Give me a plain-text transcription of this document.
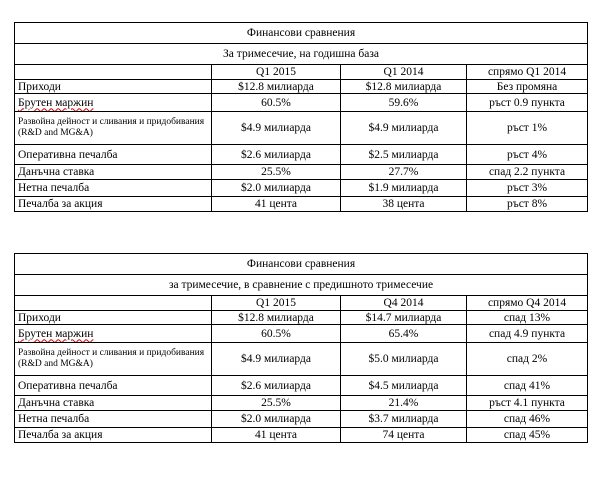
Финансови сравнения			
За тримесечие, на годишна база			
	Q1 2015	Q1 2014	спрямо Q1 2014
Приходи	$12.8 милиарда	$12.8 милиарда	Без промяна
Брутен маржин	60.5%	59.6%	ръст 0.9 пункта
Развойна дейност и сливания и придобивания (R&D and MG&A)	$4.9 милиарда	$4.9 милиарда	ръст 1%
Оперативна печалба	$2.6 милиарда	$2.5 милиарда	ръст 4%
Данъчна ставка	25.5%	27.7%	спад 2.2 пункта
Нетна печалба	$2.0 милиарда	$1.9 милиарда	ръст 3%
Печалба за акция	41 цента	38 цента	ръст 8%
Финансови сравнения			
за тримесечие, в сравнение с предишното тримесечие			
	Q1 2015	Q4 2014	спрямо Q4 2014
Приходи	$12.8 милиарда	$14.7 милиарда	спад 13%
Брутен маржин	60.5%	65.4%	спад 4.9 пункта
Развойна дейност и сливания и придобивания (R&D and MG&A)	$4.9 милиарда	$5.0 милиарда	спад 2%
Оперативна печалба	$2.6 милиарда	$4.5 милиарда	спад 41%
Данъчна ставка	25.5%	21.4%	ръст 4.1 пункта
Нетна печалба	$2.0 милиарда	$3.7 милиарда	спад 46%
Печалба за акция	41 цента	74 цента	спад 45%
